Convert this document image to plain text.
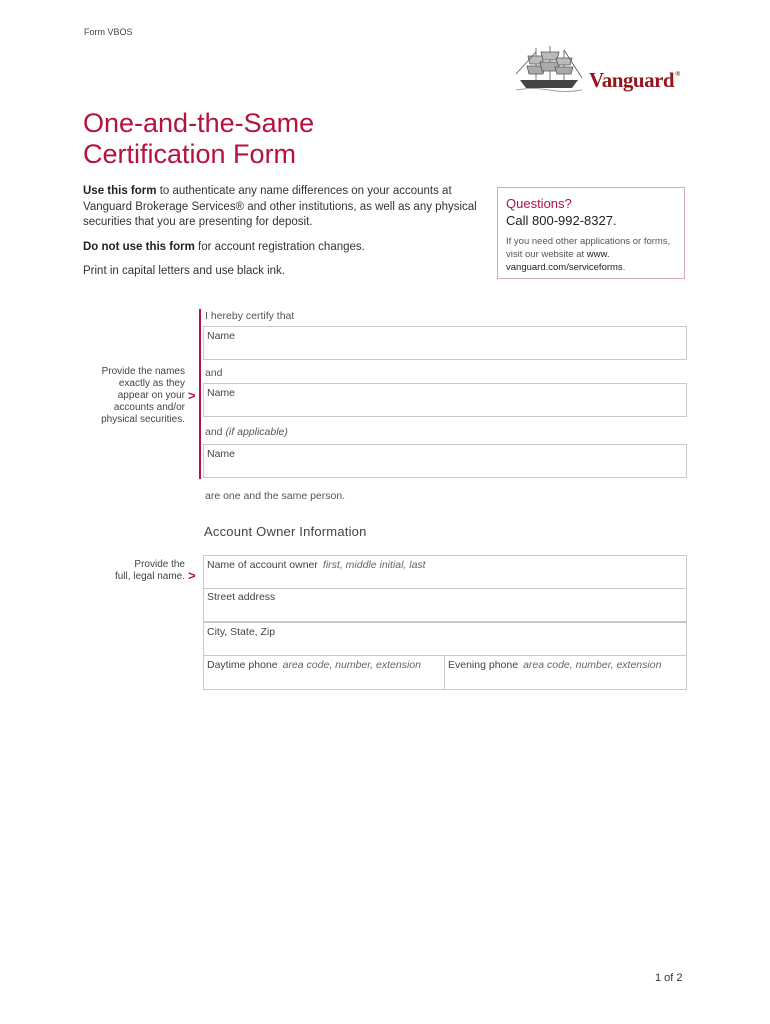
Form VBOS
Vanguard®
One-and-the-Same
Certification Form

Use this form to authenticate any name differences on your accounts at Vanguard Brokerage Services® and other institutions, as well as any physical securities that you are presenting for deposit.

Do not use this form for account registration changes.

Print in capital letters and use black ink.

Questions?
Call 800-992-8327.
If you need other applications or forms, visit our website at www. vanguard.com/serviceforms.
I hereby certify that
Name
Provide the names
exactly as they
appear on your
accounts and/or
physical securities.
>
and
Name
and (if applicable)
Name
are one and the same person.
Account Owner Information
Provide the
full, legal name. >
Name of account owner first, middle initial, last
Street address
City, State, Zip
Daytime phone area code, number, extension	Evening phone area code, number, extension
1 of 2
